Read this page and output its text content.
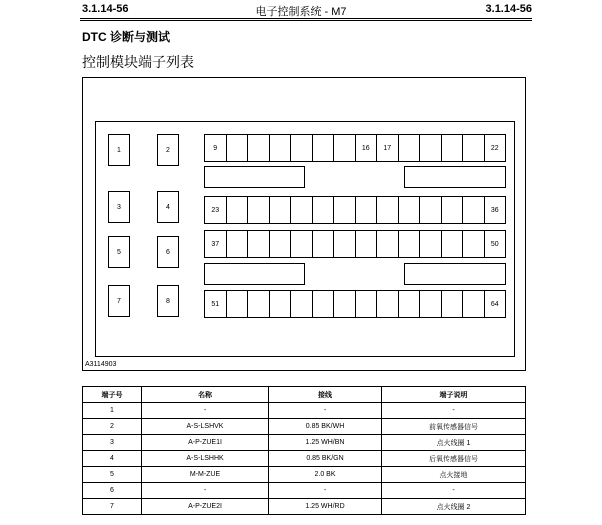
3.1.14-56	电子控制系统 - M7	3.1.14-56
DTC 诊断与测试
控制模块端子列表
1	2
3	4
5	6
7	8
9	16	17	22
23	36
37	50
51	64
A3114903
端子号	名称	接线	端子说明
1	-	-	-
2	A-S-LSHVK	0.85 BK/WH	前氧传感器信号
3	A-P-ZUE1I	1.25 WH/BN	点火线圈 1
4	A-S-LSHHK	0.85 BK/GN	后氧传感器信号
5	M-M-ZUE	2.0 BK	点火接地
6	-	-	-
7	A-P-ZUE2I	1.25 WH/RD	点火线圈 2
